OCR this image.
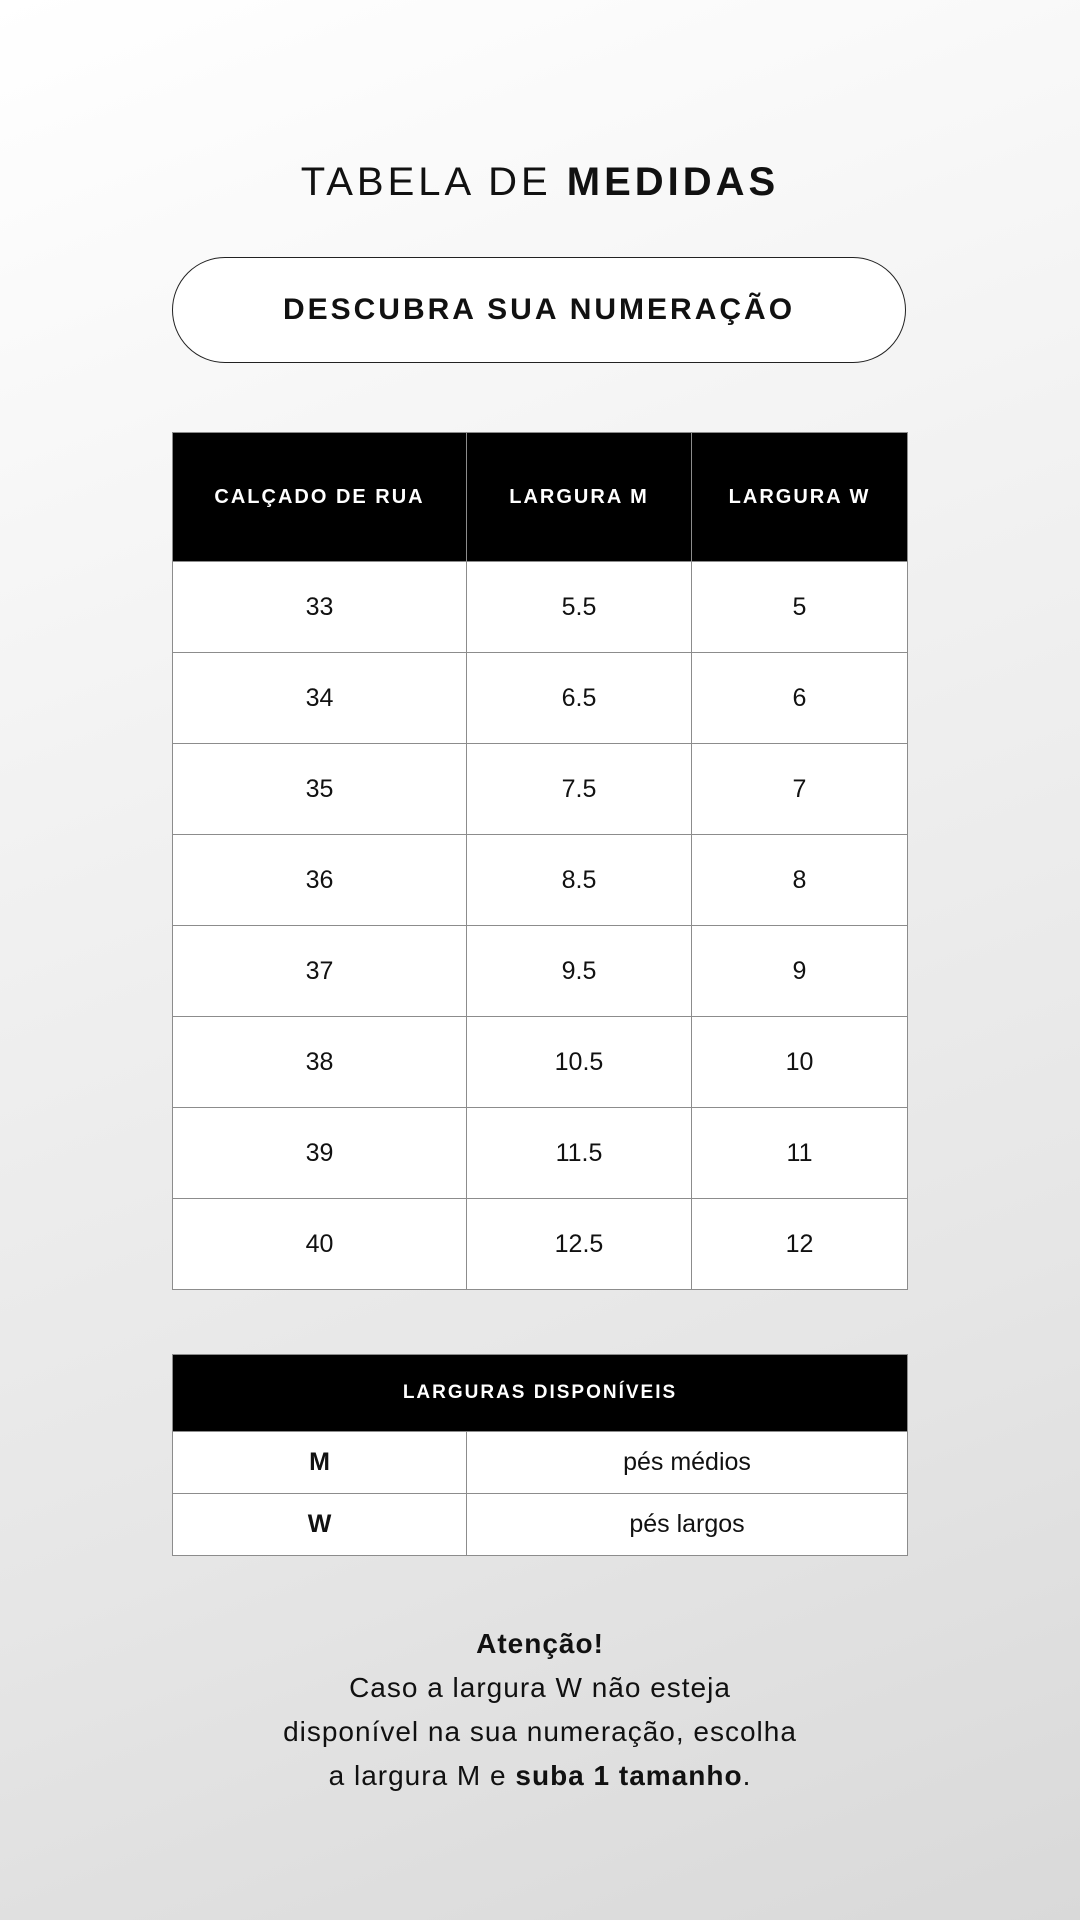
TABELA DE MEDIDAS
DESCUBRA SUA NUMERAÇÃO
CALÇADO DE RUA	LARGURA M	LARGURA W
33	5.5	5
34	6.5	6
35	7.5	7
36	8.5	8
37	9.5	9
38	10.5	10
39	11.5	11
40	12.5	12
LARGURAS DISPONÍVEIS	
M	pés médios
W	pés largos
Atenção!
Caso a largura W não esteja
disponível na sua numeração, escolha
a largura M e suba 1 tamanho.
